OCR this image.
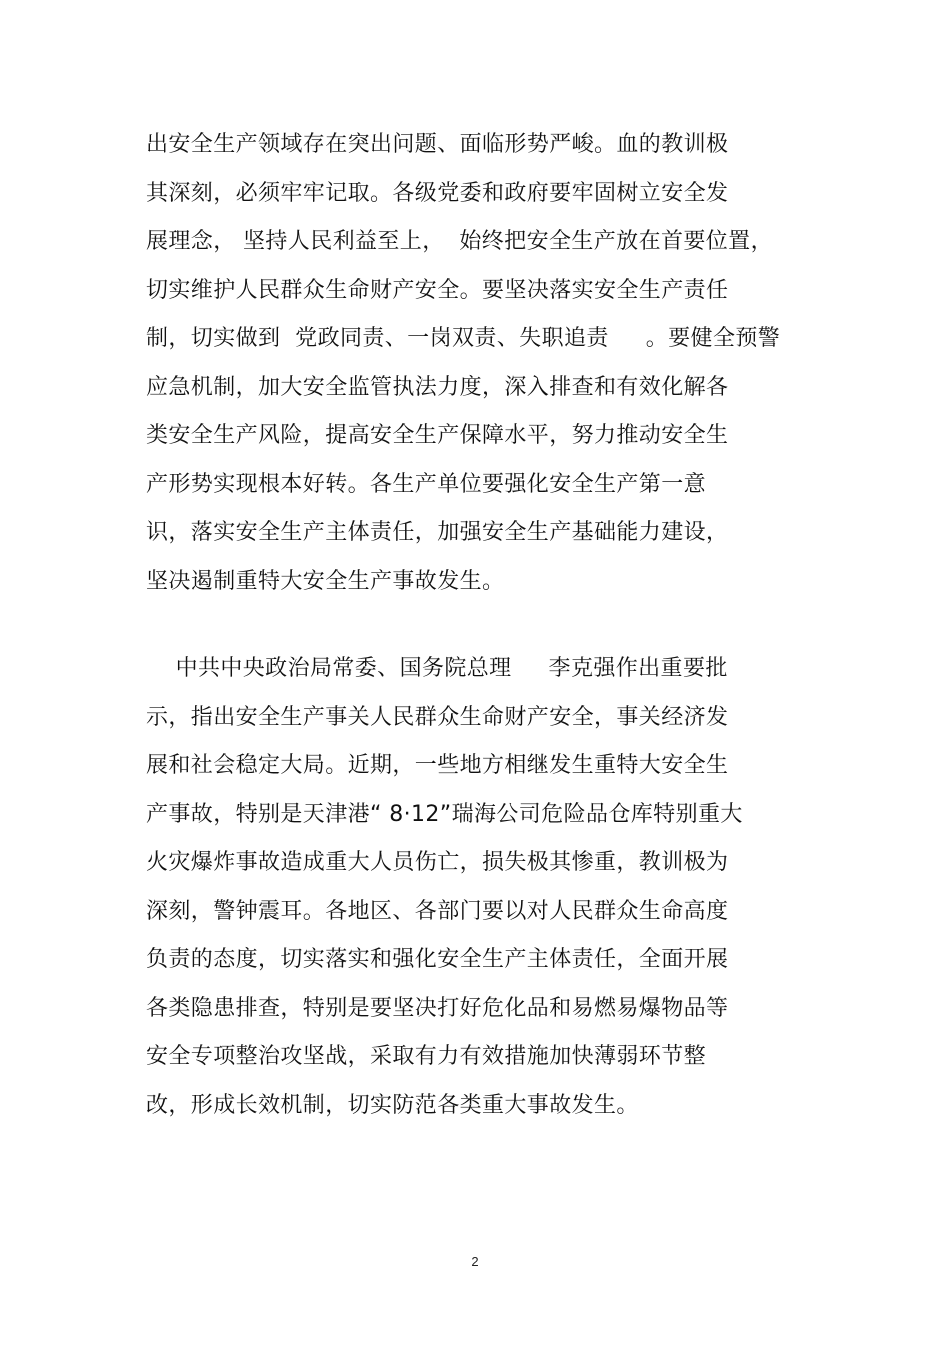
出安全生产领域存在突出问题、面临形势严峻。血的教训极
其深刻，必须牢牢记取。各级党委和政府要牢固树立安全发
展理念， 坚持人民利益至上，  始终把安全生产放在首要位置，
切实维护人民群众生命财产安全。要坚决落实安全生产责任
制，切实做到  党政同责、一岗双责、失职追责     。要健全预警
应急机制，加大安全监管执法力度，深入排查和有效化解各
类安全生产风险，提高安全生产保障水平，努力推动安全生
产形势实现根本好转。各生产单位要强化安全生产第一意
识，落实安全生产主体责任，加强安全生产基础能力建设，
坚决遏制重特大安全生产事故发生。
中共中央政治局常委、国务院总理     李克强作出重要批
示，指出安全生产事关人民群众生命财产安全，事关经济发
展和社会稳定大局。近期，一些地方相继发生重特大安全生
产事故，特别是天津港“ 8·12”瑞海公司危险品仓库特别重大
火灾爆炸事故造成重大人员伤亡，损失极其惨重，教训极为
深刻，警钟震耳。各地区、各部门要以对人民群众生命高度
负责的态度，切实落实和强化安全生产主体责任，全面开展
各类隐患排查，特别是要坚决打好危化品和易燃易爆物品等
安全专项整治攻坚战，采取有力有效措施加快薄弱环节整
改，形成长效机制，切实防范各类重大事故发生。
2
